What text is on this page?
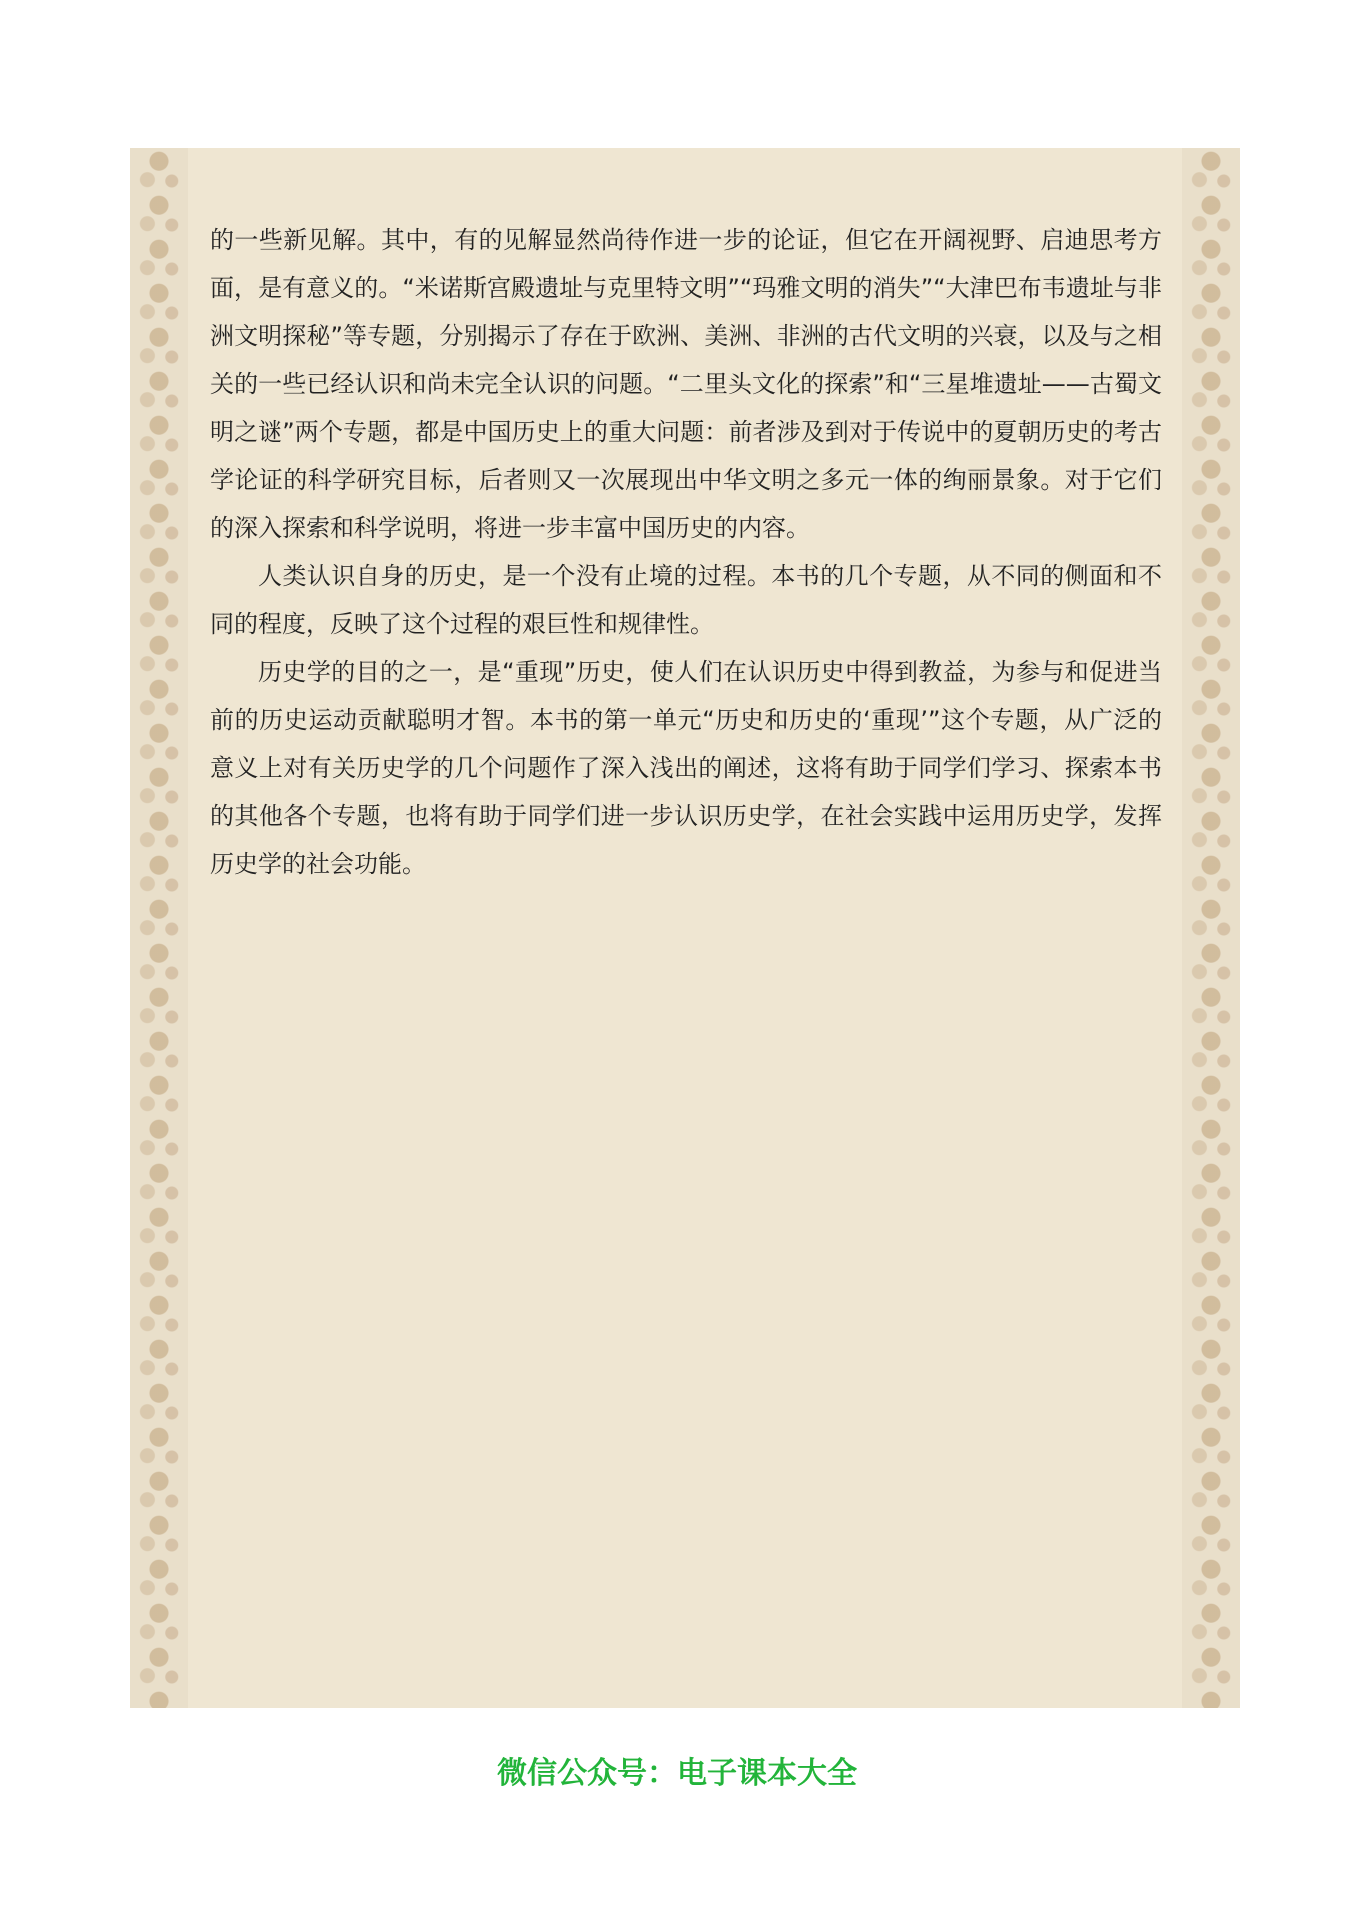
的一些新见解。其中，有的见解显然尚待作进一步的论证，但它在开阔视野、启迪思考方面，是有意义的。“米诺斯宫殿遗址与克里特文明”“玛雅文明的消失”“大津巴布韦遗址与非洲文明探秘”等专题，分别揭示了存在于欧洲、美洲、非洲的古代文明的兴衰，以及与之相关的一些已经认识和尚未完全认识的问题。“二里头文化的探索”和“三星堆遗址——古蜀文明之谜”两个专题，都是中国历史上的重大问题：前者涉及到对于传说中的夏朝历史的考古学论证的科学研究目标，后者则又一次展现出中华文明之多元一体的绚丽景象。对于它们的深入探索和科学说明，将进一步丰富中国历史的内容。

人类认识自身的历史，是一个没有止境的过程。本书的几个专题，从不同的侧面和不同的程度，反映了这个过程的艰巨性和规律性。

历史学的目的之一，是“重现”历史，使人们在认识历史中得到教益，为参与和促进当前的历史运动贡献聪明才智。本书的第一单元“历史和历史的‘重现’”这个专题，从广泛的意义上对有关历史学的几个问题作了深入浅出的阐述，这将有助于同学们学习、探索本书的其他各个专题，也将有助于同学们进一步认识历史学，在社会实践中运用历史学，发挥历史学的社会功能。

微信公众号：电子课本大全
